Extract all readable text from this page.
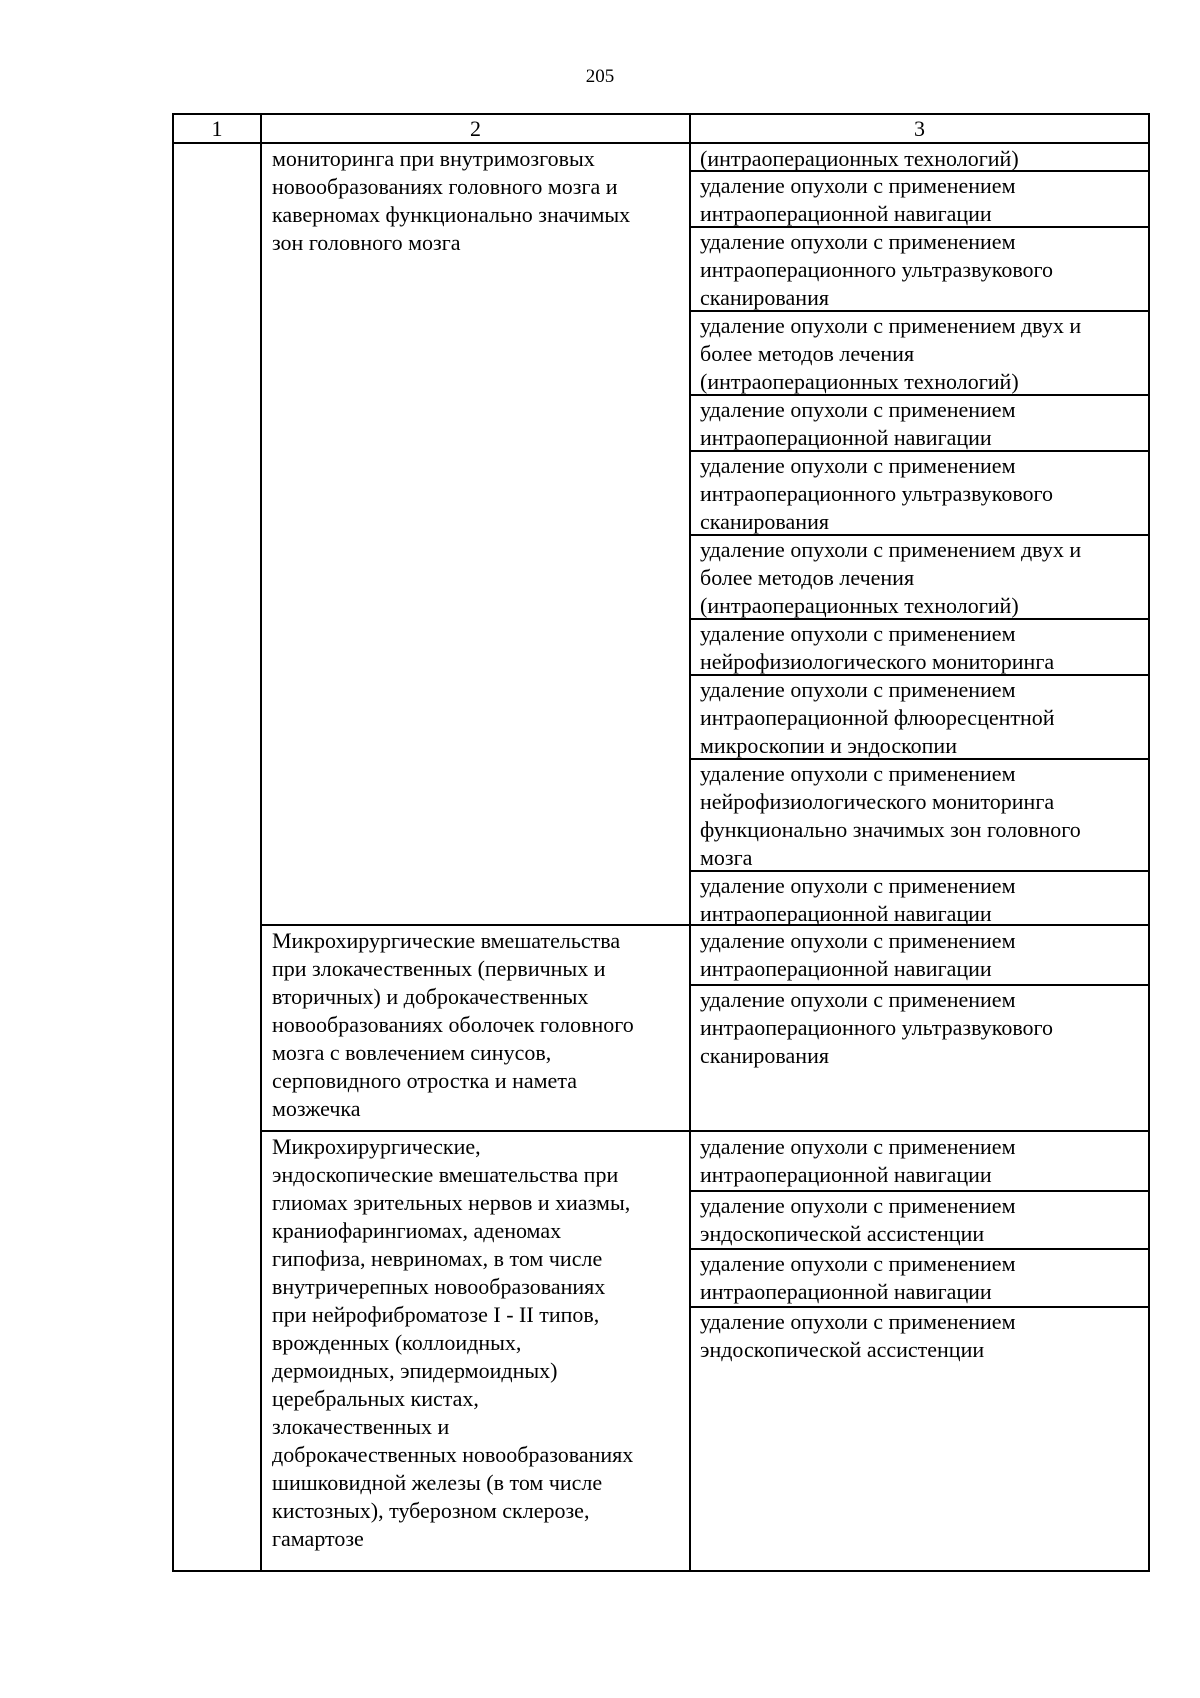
205
1	2	3
мониторинга при внутримозговых
новообразованиях головного мозга и
каверномах функционально значимых
зон головного мозга
Микрохирургические вмешательства
при злокачественных (первичных и
вторичных) и доброкачественных
новообразованиях оболочек головного
мозга с вовлечением синусов,
серповидного отростка и намета
мозжечка
Микрохирургические,
эндоскопические вмешательства при
глиомах зрительных нервов и хиазмы,
краниофарингиомах, аденомах
гипофиза, невриномах, в том числе
внутричерепных новообразованиях
при нейрофиброматозе I - II типов,
врожденных (коллоидных,
дермоидных, эпидермоидных)
церебральных кистах,
злокачественных и
доброкачественных новообразованиях
шишковидной железы (в том числе
кистозных), туберозном склерозе,
гамартозе
(интраоперационных технологий)
удаление опухоли с применением
интраоперационной навигации
удаление опухоли с применением
интраоперационного ультразвукового
сканирования
удаление опухоли с применением двух и
более методов лечения
(интраоперационных технологий)
удаление опухоли с применением
интраоперационной навигации
удаление опухоли с применением
интраоперационного ультразвукового
сканирования
удаление опухоли с применением двух и
более методов лечения
(интраоперационных технологий)
удаление опухоли с применением
нейрофизиологического мониторинга
удаление опухоли с применением
интраоперационной флюоресцентной
микроскопии и эндоскопии
удаление опухоли с применением
нейрофизиологического мониторинга
функционально значимых зон головного
мозга
удаление опухоли с применением
интраоперационной навигации
удаление опухоли с применением
интраоперационной навигации
удаление опухоли с применением
интраоперационного ультразвукового
сканирования
удаление опухоли с применением
интраоперационной навигации
удаление опухоли с применением
эндоскопической ассистенции
удаление опухоли с применением
интраоперационной навигации
удаление опухоли с применением
эндоскопической ассистенции
